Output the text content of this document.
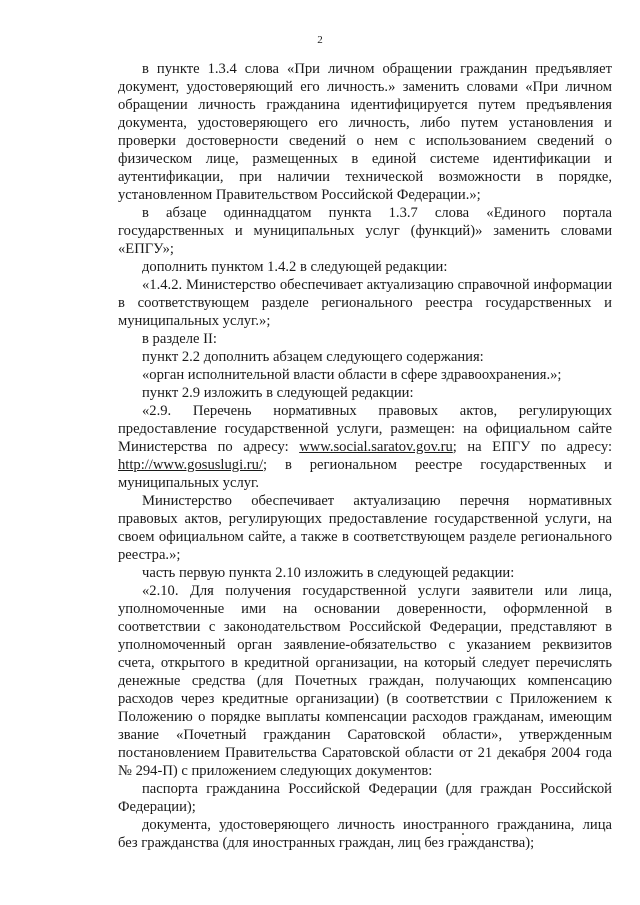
2

в пункте 1.3.4 слова «При личном обращении гражданин предъявляет документ, удостоверяющий его личность.» заменить словами «При личном обращении личность гражданина идентифицируется путем предъявления документа, удостоверяющего его личность, либо путем установления и проверки достоверности сведений о нем с использованием сведений о физическом лице, размещенных в единой системе идентификации и аутентификации, при наличии технической возможности в порядке, установленном Правительством Российской Федерации.»;

в абзаце одиннадцатом пункта 1.3.7 слова «Единого портала государственных и муниципальных услуг (функций)» заменить словами «ЕПГУ»;

дополнить пунктом 1.4.2 в следующей редакции:

«1.4.2. Министерство обеспечивает актуализацию справочной информации в соответствующем разделе регионального реестра государственных и муниципальных услуг.»;

в разделе II:

пункт 2.2 дополнить абзацем следующего содержания:

«орган исполнительной власти области в сфере здравоохранения.»;

пункт 2.9 изложить в следующей редакции:

«2.9. Перечень нормативных правовых актов, регулирующих предоставление государственной услуги, размещен: на официальном сайте Министерства по адресу: www.social.saratov.gov.ru; на ЕПГУ по адресу: http://www.gosuslugi.ru/; в региональном реестре государственных и муниципальных услуг.

Министерство обеспечивает актуализацию перечня нормативных правовых актов, регулирующих предоставление государственной услуги, на своем официальном сайте, а также в соответствующем разделе регионального реестра.»;

часть первую пункта 2.10 изложить в следующей редакции:

«2.10. Для получения государственной услуги заявители или лица, уполномоченные ими на основании доверенности, оформленной в соответствии с законодательством Российской Федерации, представляют в уполномоченный орган заявление-обязательство с указанием реквизитов счета, открытого в кредитной организации, на который следует перечислять денежные средства (для Почетных граждан, получающих компенсацию расходов через кредитные организации) (в соответствии с Приложением к Положению о порядке выплаты компенсации расходов гражданам, имеющим звание «Почетный гражданин Саратовской области», утвержденным постановлением Правительства Саратовской области от 21 декабря 2004 года № 294-П) с приложением следующих документов:

паспорта гражданина Российской Федерации (для граждан Российской Федерации);

документа, удостоверяющего личность иностранного гражданина, лица без гражданства (для иностранных граждан, лиц без гражданства);
